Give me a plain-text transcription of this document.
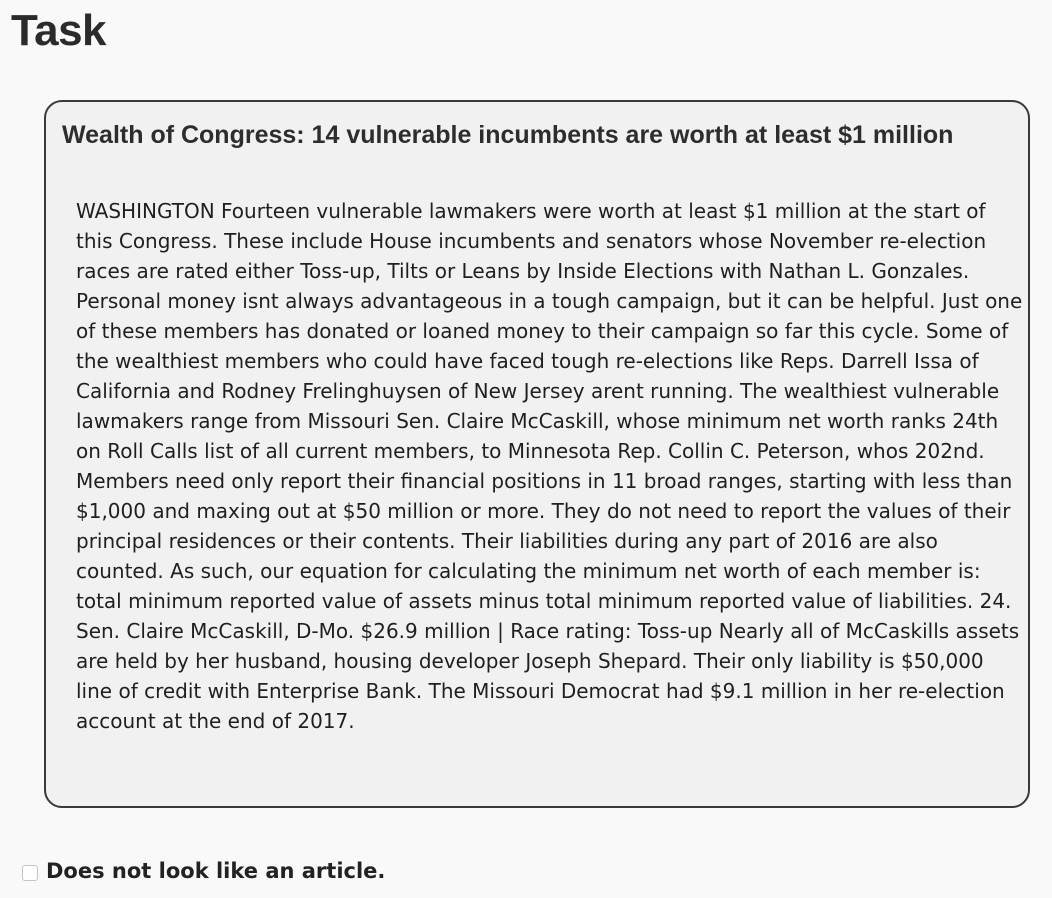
Task
Wealth of Congress: 14 vulnerable incumbents are worth at least $1 million

WASHINGTON Fourteen vulnerable lawmakers were worth at least $1 million at the start of this Congress. These include House incumbents and senators whose November re-election races are rated either Toss-up, Tilts or Leans by Inside Elections with Nathan L. Gonzales. Personal money isnt always advantageous in a tough campaign, but it can be helpful. Just one of these members has donated or loaned money to their campaign so far this cycle. Some of the wealthiest members who could have faced tough re-elections like Reps. Darrell Issa of California and Rodney Frelinghuysen of New Jersey arent running. The wealthiest vulnerable lawmakers range from Missouri Sen. Claire McCaskill, whose minimum net worth ranks 24th on Roll Calls list of all current members, to Minnesota Rep. Collin C. Peterson, whos 202nd. Members need only report their financial positions in 11 broad ranges, starting with less than $1,000 and maxing out at $50 million or more. They do not need to report the values of their principal residences or their contents. Their liabilities during any part of 2016 are also counted. As such, our equation for calculating the minimum net worth of each member is: total minimum reported value of assets minus total minimum reported value of liabilities. 24. Sen. Claire McCaskill, D-Mo. $26.9 million | Race rating: Toss-up Nearly all of McCaskills assets are held by her husband, housing developer Joseph Shepard. Their only liability is $50,000 line of credit with Enterprise Bank. The Missouri Democrat had $9.1 million in her re-election account at the end of 2017.

Does not look like an article.
